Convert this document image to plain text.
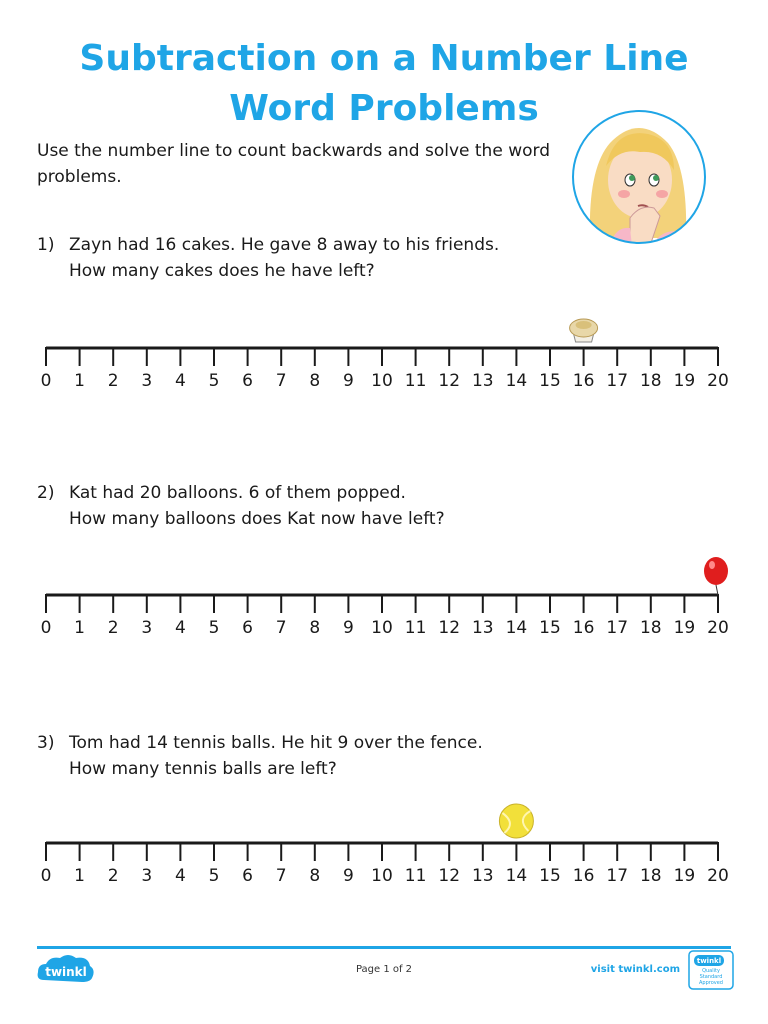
Subtraction on a Number Line
Word Problems
Use the number line to count backwards and solve the word problems.
1) Zayn had 16 cakes. He gave 8 away to his friends.
How many cakes does he have left?
2) Kat had 20 balloons. 6 of them popped.
How many balloons does Kat now have left?
3) Tom had 14 tennis balls. He hit 9 over the fence.
How many tennis balls are left?
0 1 2 3 4 5 6 7 8 9 10 11 12 13 14 15 16 17 18 19 20
0 1 2 3 4 5 6 7 8 9 10 11 12 13 14 15 16 17 18 19 20
0 1 2 3 4 5 6 7 8 9 10 11 12 13 14 15 16 17 18 19 20
twinkl	Page 1 of 2	visit twinkl.com
twinkl
Quality Standard Approved
